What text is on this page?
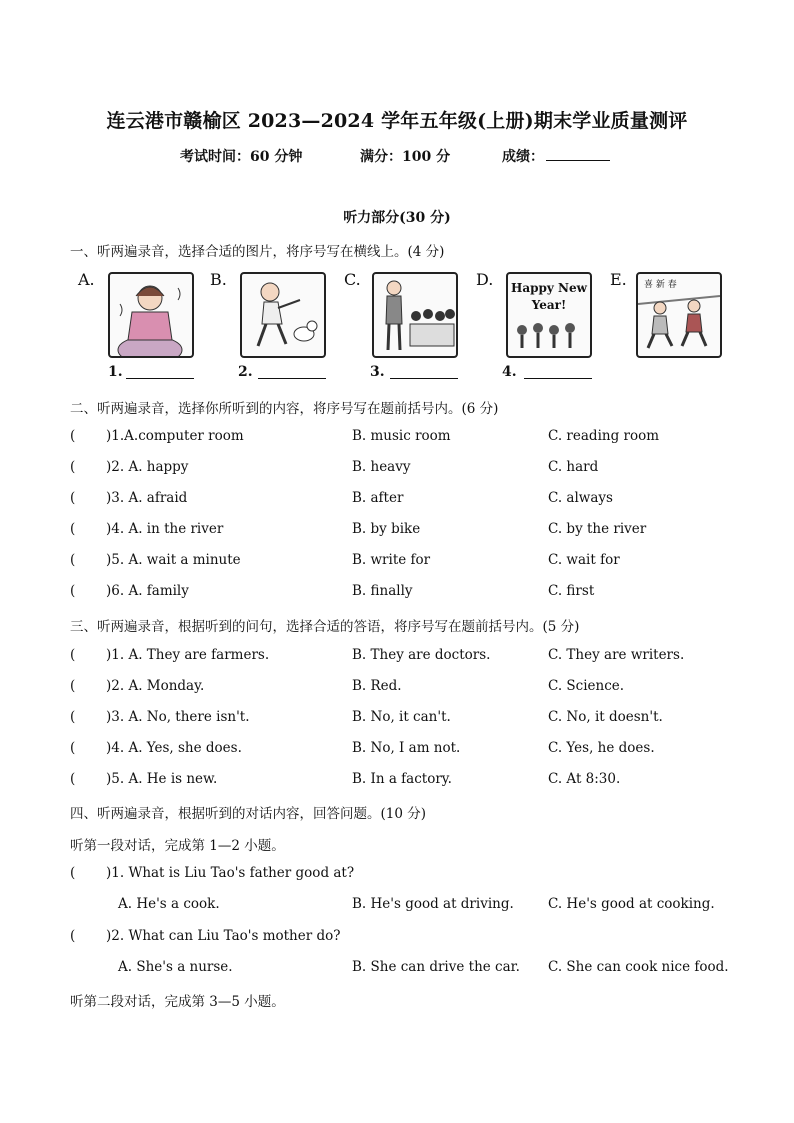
连云港市赣榆区 2023—2024 学年五年级(上册)期末学业质量测评
考试时间：60 分钟	满分：100 分	成绩：
听力部分(30 分)
一、听两遍录音，选择合适的图片，将序号写在横线上。(4 分)
A.	B.	C.	D. Happy New Year!
E. 喜 新 春
1.	2.	3.	4.
二、听两遍录音，选择你所听到的内容，将序号写在题前括号内。(6 分)
( )1.A.computer room	B. music room	C. reading room
( )2. A. happy	B. heavy	C. hard
( )3. A. afraid	B. after	C. always
( )4. A. in the river	B. by bike	C. by the river
( )5. A. wait a minute	B. write for	C. wait for
( )6. A. family	B. finally	C. first
三、听两遍录音，根据听到的问句，选择合适的答语，将序号写在题前括号内。(5 分)
( )1. A. They are farmers.	B. They are doctors.	C. They are writers.
( )2. A. Monday.	B. Red.	C. Science.
( )3. A. No, there isn't.	B. No, it can't.	C. No, it doesn't.
( )4. A. Yes, she does.	B. No, I am not.	C. Yes, he does.
( )5. A. He is new.	B. In a factory.	C. At 8:30.
四、听两遍录音，根据听到的对话内容，回答问题。(10 分)
听第一段对话，完成第 1—2 小题。
( )1. What is Liu Tao's father good at?
A. He's a cook.	B. He's good at driving.	C. He's good at cooking.
( )2. What can Liu Tao's mother do?
A. She's a nurse.	B. She can drive the car. C. She can cook nice food.
听第二段对话，完成第 3—5 小题。
